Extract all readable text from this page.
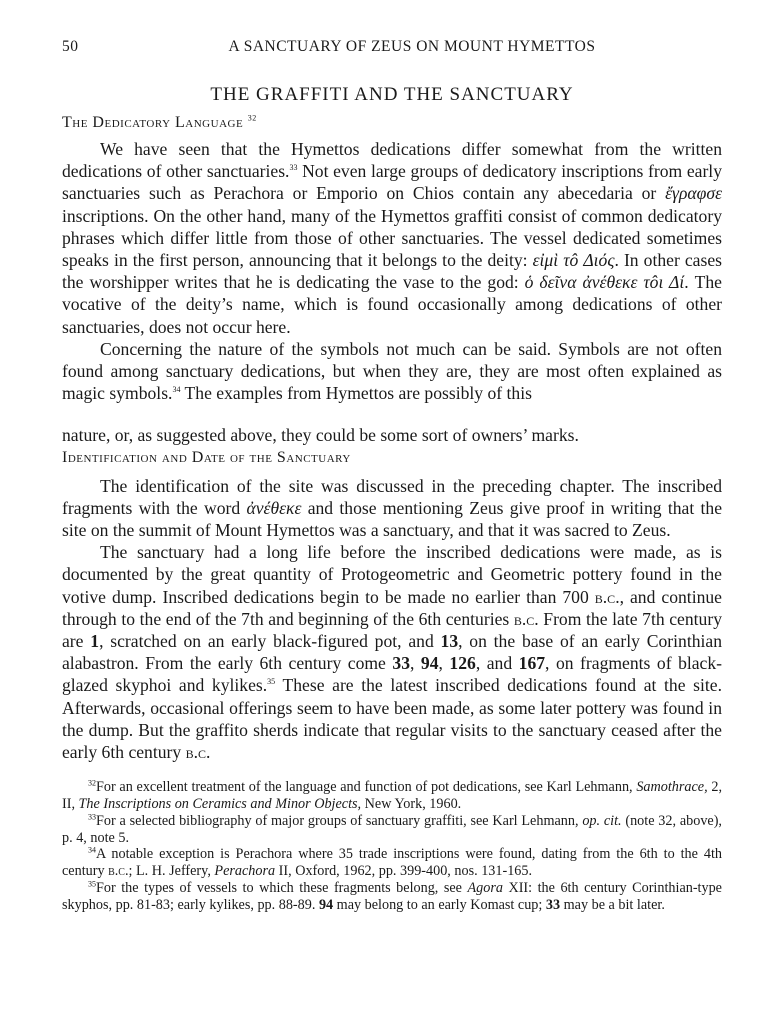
50	A SANCTUARY OF ZEUS ON MOUNT HYMETTOS
THE GRAFFITI AND THE SANCTUARY
The Dedicatory Language $^{32}$

We have seen that the Hymettos dedications differ somewhat from the written dedications of other sanctuaries.$^{33}$ Not even large groups of dedicatory inscriptions from early sanctuaries such as Perachora or Emporio on Chios contain any abecedaria or ἔγραφσε inscriptions. On the other hand, many of the Hymettos graffiti consist of common dedicatory phrases which differ little from those of other sanctuaries. The vessel dedicated sometimes speaks in the first person, announcing that it belongs to the deity: εἰμὶ τô Διός. In other cases the worshipper writes that he is dedicating the vase to the god: ὁ δεῖνα ἀνέθεκε τôι Δί. The vocative of the deity’s name, which is found occasionally among dedications of other sanctuaries, does not occur here.

Concerning the nature of the symbols not much can be said. Symbols are not often found among sanctuary dedications, but when they are, they are most often explained as magic symbols.$^{34}$ The examples from Hymettos are possibly of this

nature, or, as suggested above, they could be some sort of owners’ marks.

Identification and Date of the Sanctuary

The identification of the site was discussed in the preceding chapter. The inscribed fragments with the word ἀνέθεκε and those mentioning Zeus give proof in writing that the site on the summit of Mount Hymettos was a sanctuary, and that it was sacred to Zeus.

The sanctuary had a long life before the inscribed dedications were made, as is documented by the great quantity of Protogeometric and Geometric pottery found in the votive dump. Inscribed dedications begin to be made no earlier than 700 b.c., and continue through to the end of the 7th and beginning of the 6th centuries b.c. From the late 7th century are 1, scratched on an early black-figured pot, and 13, on the base of an early Corinthian alabastron. From the early 6th century come 33, 94, 126, and 167, on fragments of black-glazed skyphoi and kylikes.$^{35}$ These are the latest inscribed dedications found at the site. Afterwards, occasional offerings seem to have been made, as some later pottery was found in the dump. But the graffito sherds indicate that regular visits to the sanctuary ceased after the early 6th century b.c.

$^{32}$For an excellent treatment of the language and function of pot dedications, see Karl Lehmann, Samothrace, 2, II, The Inscriptions on Ceramics and Minor Objects, New York, 1960.

$^{33}$For a selected bibliography of major groups of sanctuary graffiti, see Karl Lehmann, op. cit. (note 32, above), p. 4, note 5.

$^{34}$A notable exception is Perachora where 35 trade inscriptions were found, dating from the 6th to the 4th century b.c.; L. H. Jeffery, Perachora II, Oxford, 1962, pp. 399-400, nos. 131-165.

$^{35}$For the types of vessels to which these fragments belong, see Agora XII: the 6th century Corinthian-type skyphos, pp. 81-83; early kylikes, pp. 88-89. 94 may belong to an early Komast cup; 33 may be a bit later.
